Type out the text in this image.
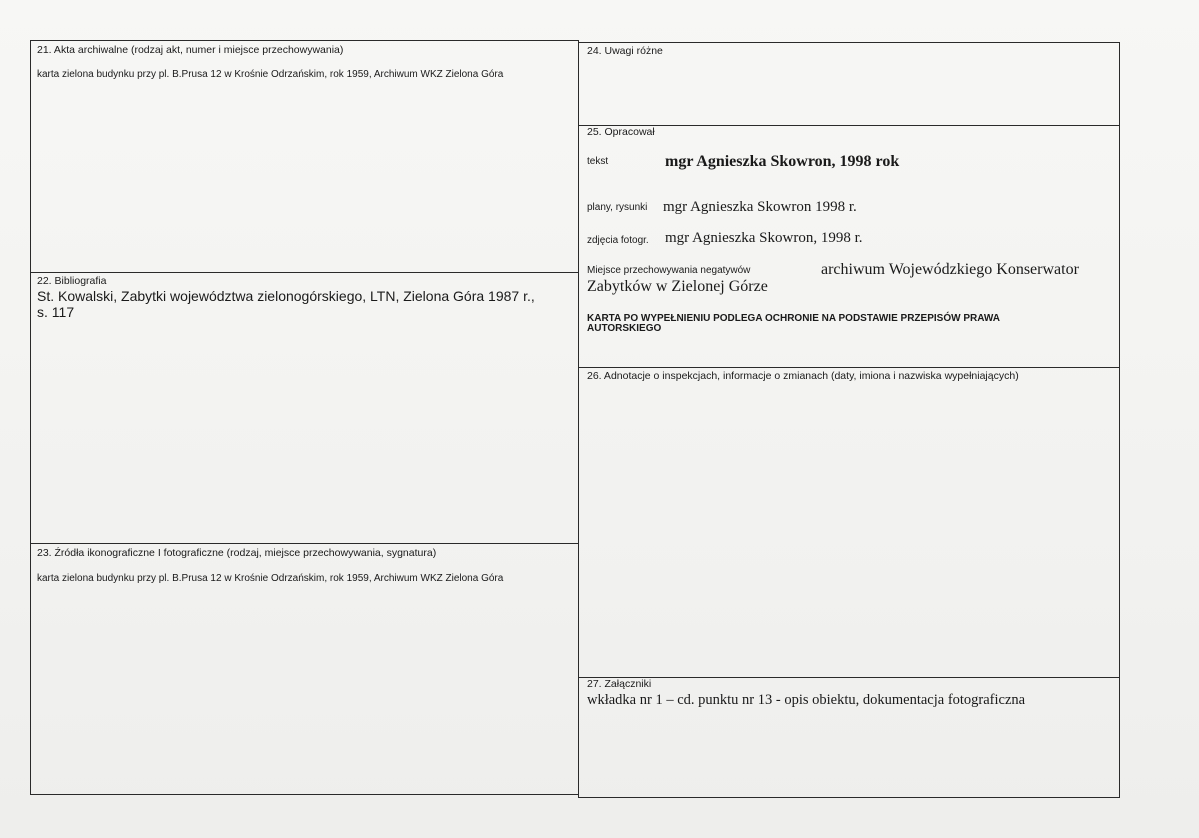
21. Akta archiwalne (rodzaj akt, numer i miejsce przechowywania)
karta zielona budynku przy pl. B.Prusa 12 w Krośnie Odrzańskim, rok 1959, Archiwum WKZ Zielona Góra
22. Bibliografia
St. Kowalski, Zabytki województwa zielonogórskiego, LTN, Zielona Góra 1987 r.,
s. 117
23. Źródła ikonograficzne I fotograficzne (rodzaj, miejsce przechowywania, sygnatura)
karta zielona budynku przy pl. B.Prusa 12 w Krośnie Odrzańskim, rok 1959, Archiwum WKZ Zielona Góra
24. Uwagi różne
25. Opracował
tekst	mgr Agnieszka Skowron, 1998 rok
plany, rysunki mgr Agnieszka Skowron 1998 r.
zdjęcia fotogr. mgr Agnieszka Skowron, 1998 r.
Miejsce przechowywania negatywów	archiwum Wojewódzkiego Konserwator
Zabytków w Zielonej Górze
KARTA PO WYPEŁNIENIU PODLEGA OCHRONIE NA PODSTAWIE PRZEPISÓW PRAWA
AUTORSKIEGO
26. Adnotacje o inspekcjach, informacje o zmianach (daty, imiona i nazwiska wypełniających)
27. Załączniki
wkładka nr 1 – cd. punktu nr 13 - opis obiektu, dokumentacja fotograficzna
